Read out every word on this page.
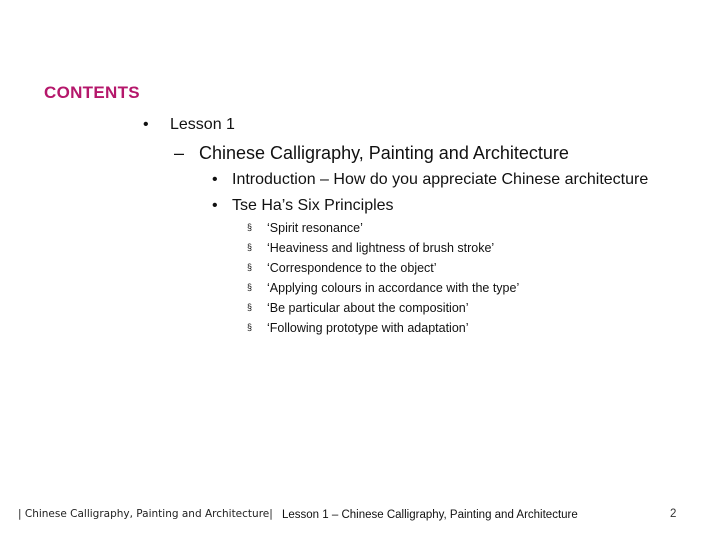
CONTENTS
• Lesson 1
– Chinese Calligraphy, Painting and Architecture
• Introduction – How do you appreciate Chinese architecture
• Tse Ha’s Six Principles
§ ‘Spirit resonance’
§ ‘Heaviness and lightness of brush stroke’
§ ‘Correspondence to the object’
§ ‘Applying colours in accordance with the type’
§ ‘Be particular about the composition’
§ ‘Following prototype with adaptation’
| Chinese Calligraphy, Painting and Architecture| Lesson 1 – Chinese Calligraphy, Painting and Architecture	2
